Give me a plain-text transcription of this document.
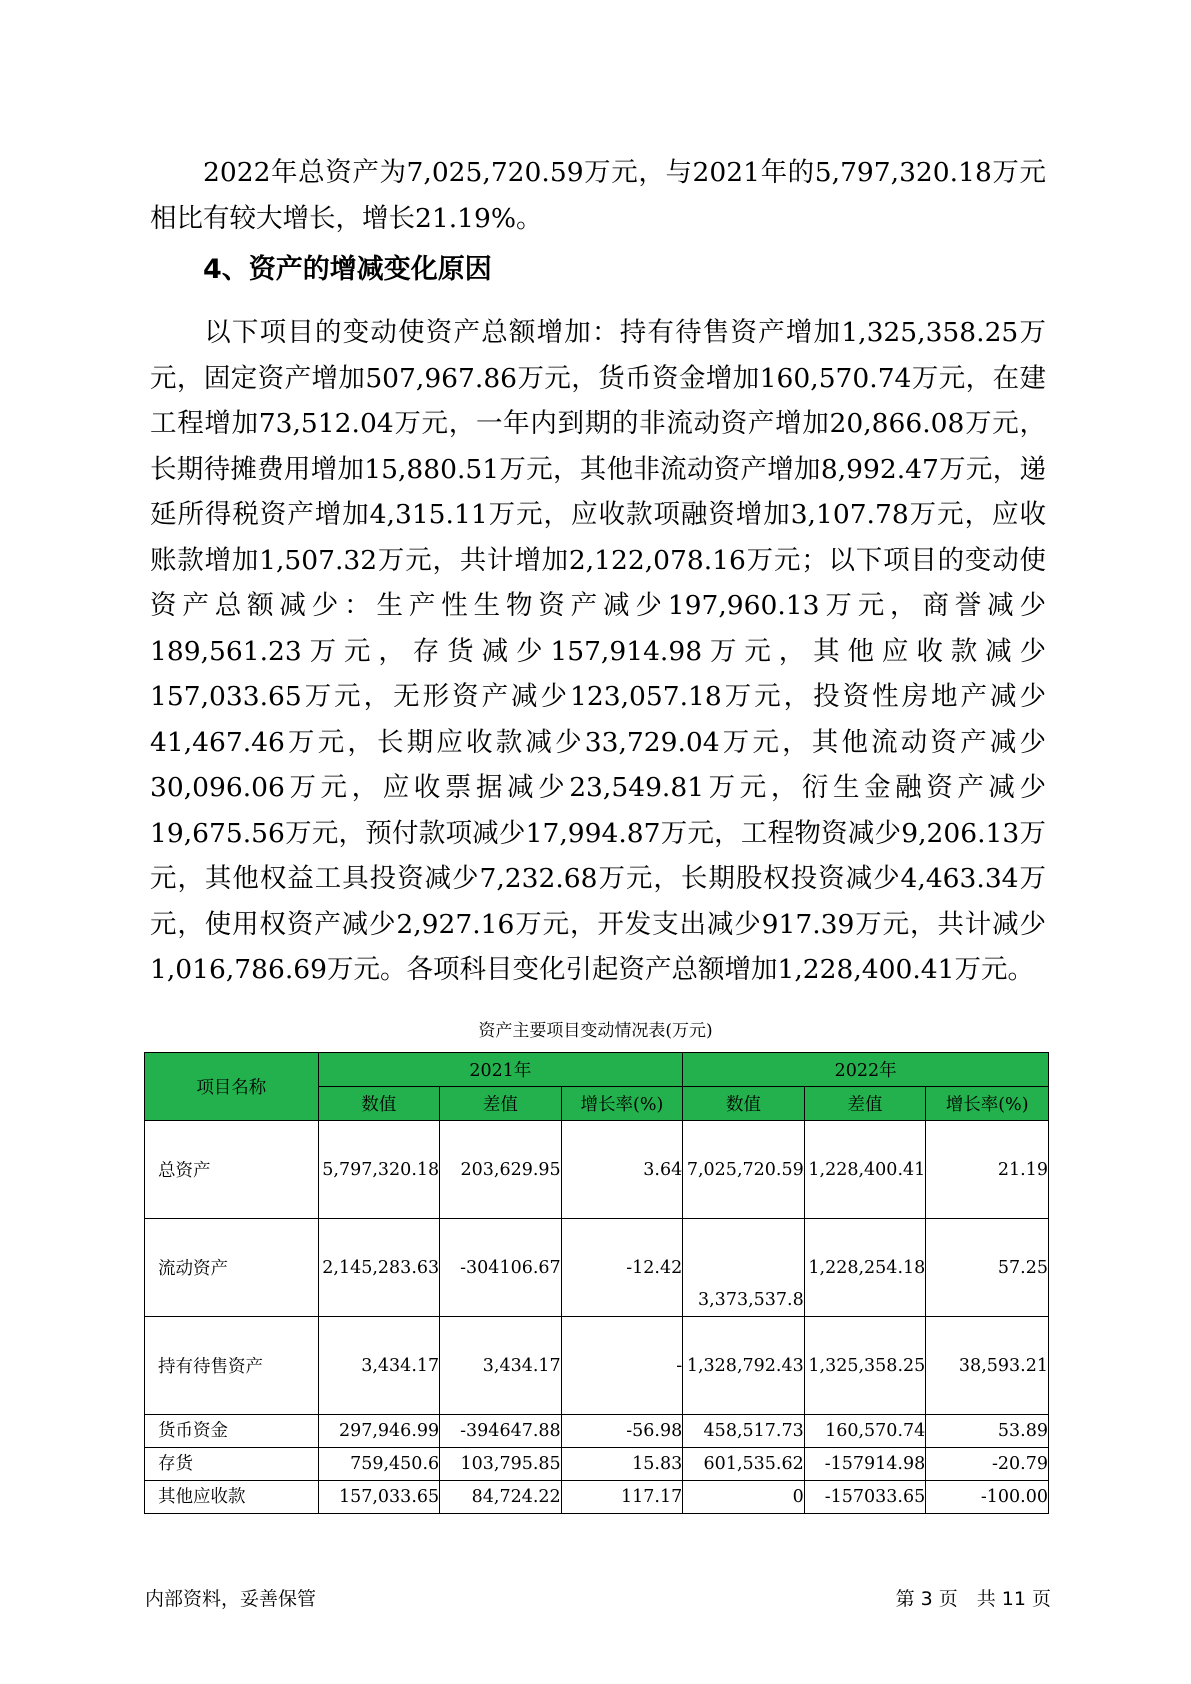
2022年总资产为7,025,720.59万元，与2021年的5,797,320.18万元相比有较大增长，增长21.19%。

4、资产的增减变化原因

以下项目的变动使资产总额增加：持有待售资产增加1,325,358.25万元，固定资产增加507,967.86万元，货币资金增加160,570.74万元，在建工程增加73,512.04万元，一年内到期的非流动资产增加20,866.08万元，长期待摊费用增加15,880.51万元，其他非流动资产增加8,992.47万元，递延所得税资产增加4,315.11万元，应收款项融资增加3,107.78万元，应收账款增加1,507.32万元，共计增加2,122,078.16万元；以下项目的变动使资产总额减少：生产性生物资产减少197,960.13万元，商誉减少189,561.23万元，存货减少157,914.98万元，其他应收款减少157,033.65万元，无形资产减少123,057.18万元，投资性房地产减少41,467.46万元，长期应收款减少33,729.04万元，其他流动资产减少30,096.06万元，应收票据减少23,549.81万元，衍生金融资产减少19,675.56万元，预付款项减少17,994.87万元，工程物资减少9,206.13万元，其他权益工具投资减少7,232.68万元，长期股权投资减少4,463.34万元，使用权资产减少2,927.16万元，开发支出减少917.39万元，共计减少1,016,786.69万元。各项科目变化引起资产总额增加1,228,400.41万元。

资产主要项目变动情况表(万元)
项目名称	2021年			2022年		
	数值	差值	增长率(%)	数值	差值	增长率(%)
总资产	5,797,320.18	203,629.95	3.64	7,025,720.59	1,228,400.41	21.19
流动资产	2,145,283.63	-304106.67	-12.42	3,373,537.8	1,228,254.18	57.25
持有待售资产	3,434.17	3,434.17	-	1,328,792.43	1,325,358.25	38,593.21
货币资金	297,946.99	-394647.88	-56.98	458,517.73	160,570.74	53.89
存货	759,450.6	103,795.85	15.83	601,535.62	-157914.98	-20.79
其他应收款	157,033.65	84,724.22	117.17	0	-157033.65	-100.00
内部资料，妥善保管	第 3 页　共 11 页
